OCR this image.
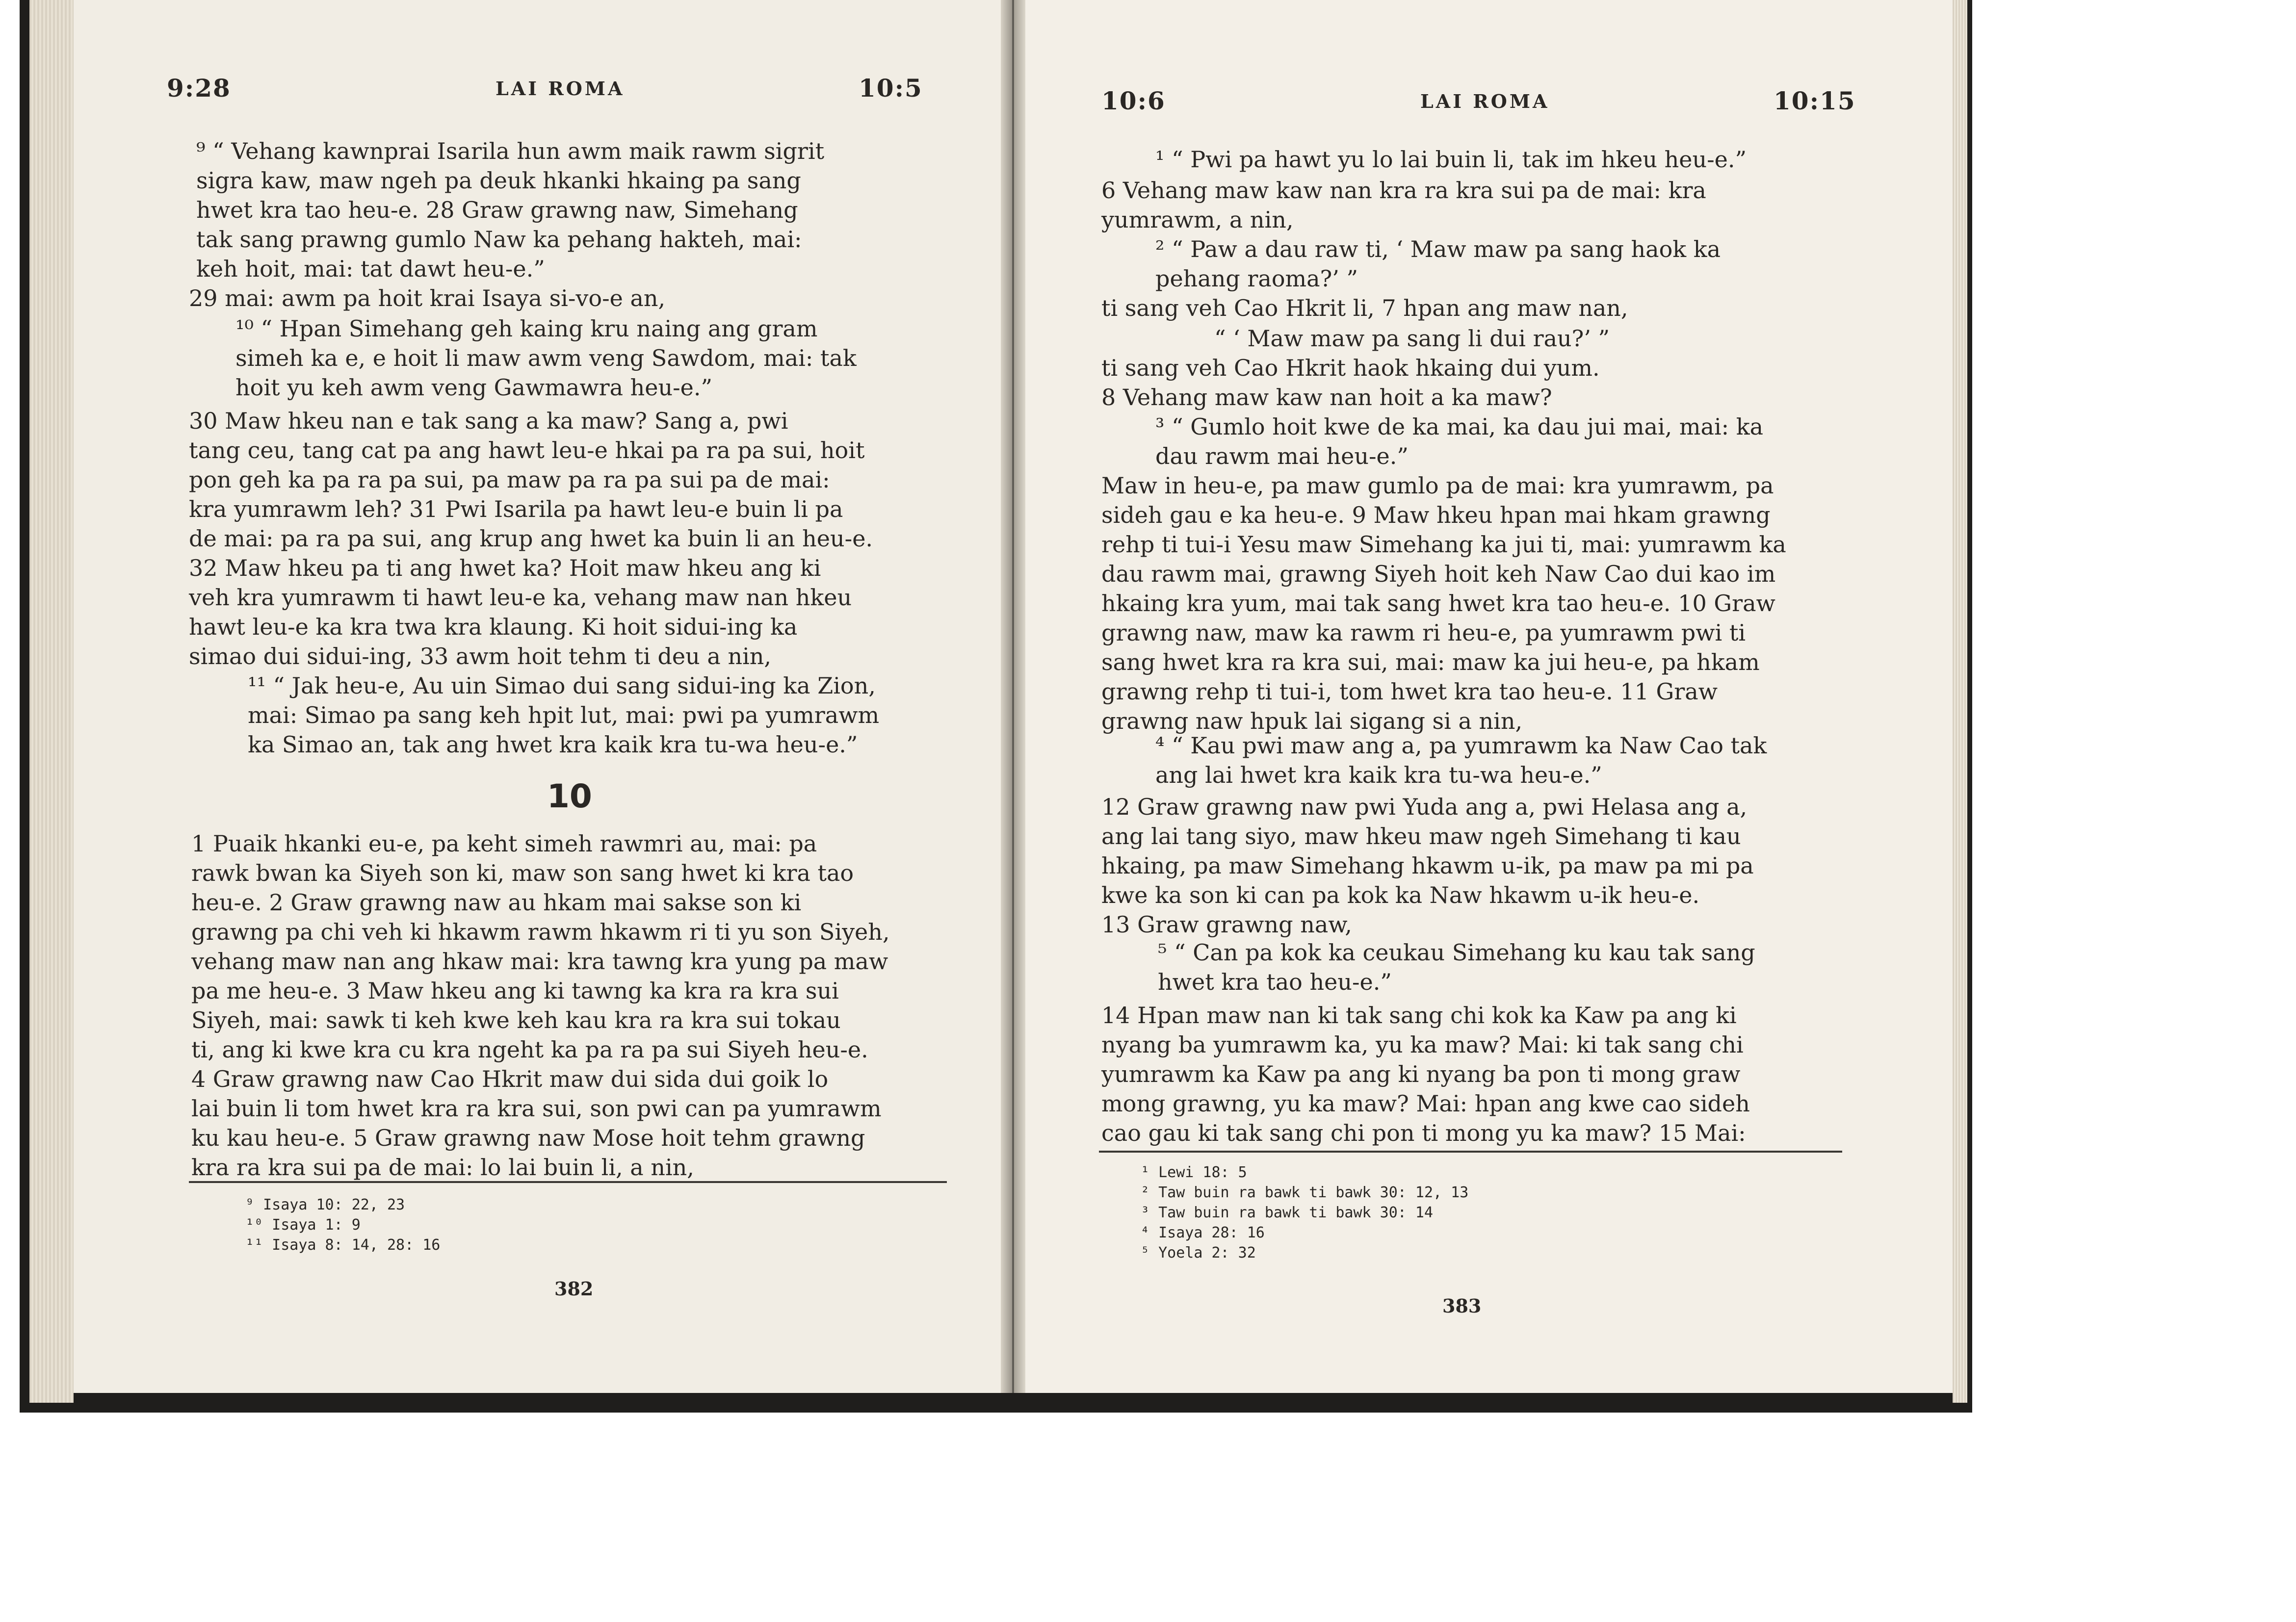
9:28	LAI ROMA	10:5
⁹ “ Vehang kawnprai Isarila hun awm maik rawm sigrit
sigra kaw, maw ngeh pa deuk hkanki hkaing pa sang
hwet kra tao heu-e. 28 Graw grawng naw, Simehang
tak sang prawng gumlo Naw ka pehang hakteh, mai:
keh hoit, mai: tat dawt heu-e.”
29 mai: awm pa hoit krai Isaya si-vo-e an,
¹⁰ “ Hpan Simehang geh kaing kru naing ang gram
simeh ka e, e hoit li maw awm veng Sawdom, mai: tak
hoit yu keh awm veng Gawmawra heu-e.”
30 Maw hkeu nan e tak sang a ka maw? Sang a, pwi
tang ceu, tang cat pa ang hawt leu-e hkai pa ra pa sui, hoit
pon geh ka pa ra pa sui, pa maw pa ra pa sui pa de mai:
kra yumrawm leh? 31 Pwi Isarila pa hawt leu-e buin li pa
de mai: pa ra pa sui, ang krup ang hwet ka buin li an heu-e.
32 Maw hkeu pa ti ang hwet ka? Hoit maw hkeu ang ki
veh kra yumrawm ti hawt leu-e ka, vehang maw nan hkeu
hawt leu-e ka kra twa kra klaung. Ki hoit sidui-ing ka
simao dui sidui-ing, 33 awm hoit tehm ti deu a nin,
¹¹ “ Jak heu-e, Au uin Simao dui sang sidui-ing ka Zion,
mai: Simao pa sang keh hpit lut, mai: pwi pa yumrawm
ka Simao an, tak ang hwet kra kaik kra tu-wa heu-e.”
10
1 Puaik hkanki eu-e, pa keht simeh rawmri au, mai: pa
rawk bwan ka Siyeh son ki, maw son sang hwet ki kra tao
heu-e. 2 Graw grawng naw au hkam mai sakse son ki
grawng pa chi veh ki hkawm rawm hkawm ri ti yu son Siyeh,
vehang maw nan ang hkaw mai: kra tawng kra yung pa maw
pa me heu-e. 3 Maw hkeu ang ki tawng ka kra ra kra sui
Siyeh, mai: sawk ti keh kwe keh kau kra ra kra sui tokau
ti, ang ki kwe kra cu kra ngeht ka pa ra pa sui Siyeh heu-e.
4 Graw grawng naw Cao Hkrit maw dui sida dui goik lo
lai buin li tom hwet kra ra kra sui, son pwi can pa yumrawm
ku kau heu-e. 5 Graw grawng naw Mose hoit tehm grawng
kra ra kra sui pa de mai: lo lai buin li, a nin,
⁹ Isaya 10: 22, 23
¹⁰ Isaya 1: 9
¹¹ Isaya 8: 14, 28: 16
382
10:6	LAI ROMA	10:15
¹ “ Pwi pa hawt yu lo lai buin li, tak im hkeu heu-e.”
6 Vehang maw kaw nan kra ra kra sui pa de mai: kra
yumrawm, a nin,
² “ Paw a dau raw ti, ‘ Maw maw pa sang haok ka
pehang raoma?’ ”
ti sang veh Cao Hkrit li, 7 hpan ang maw nan,
“ ‘ Maw maw pa sang li dui rau?’ ”
ti sang veh Cao Hkrit haok hkaing dui yum.
8 Vehang maw kaw nan hoit a ka maw?
³ “ Gumlo hoit kwe de ka mai, ka dau jui mai, mai: ka
dau rawm mai heu-e.”
Maw in heu-e, pa maw gumlo pa de mai: kra yumrawm, pa
sideh gau e ka heu-e. 9 Maw hkeu hpan mai hkam grawng
rehp ti tui-i Yesu maw Simehang ka jui ti, mai: yumrawm ka
dau rawm mai, grawng Siyeh hoit keh Naw Cao dui kao im
hkaing kra yum, mai tak sang hwet kra tao heu-e. 10 Graw
grawng naw, maw ka rawm ri heu-e, pa yumrawm pwi ti
sang hwet kra ra kra sui, mai: maw ka jui heu-e, pa hkam
grawng rehp ti tui-i, tom hwet kra tao heu-e. 11 Graw
grawng naw hpuk lai sigang si a nin,
⁴ “ Kau pwi maw ang a, pa yumrawm ka Naw Cao tak
ang lai hwet kra kaik kra tu-wa heu-e.”
12 Graw grawng naw pwi Yuda ang a, pwi Helasa ang a,
ang lai tang siyo, maw hkeu maw ngeh Simehang ti kau
hkaing, pa maw Simehang hkawm u-ik, pa maw pa mi pa
kwe ka son ki can pa kok ka Naw hkawm u-ik heu-e.
13 Graw grawng naw,
⁵ “ Can pa kok ka ceukau Simehang ku kau tak sang
hwet kra tao heu-e.”
14 Hpan maw nan ki tak sang chi kok ka Kaw pa ang ki
nyang ba yumrawm ka, yu ka maw? Mai: ki tak sang chi
yumrawm ka Kaw pa ang ki nyang ba pon ti mong graw
mong grawng, yu ka maw? Mai: hpan ang kwe cao sideh
cao gau ki tak sang chi pon ti mong yu ka maw? 15 Mai:
¹ Lewi 18: 5
² Taw buin ra bawk ti bawk 30: 12, 13
³ Taw buin ra bawk ti bawk 30: 14
⁴ Isaya 28: 16
⁵ Yoela 2: 32
383
